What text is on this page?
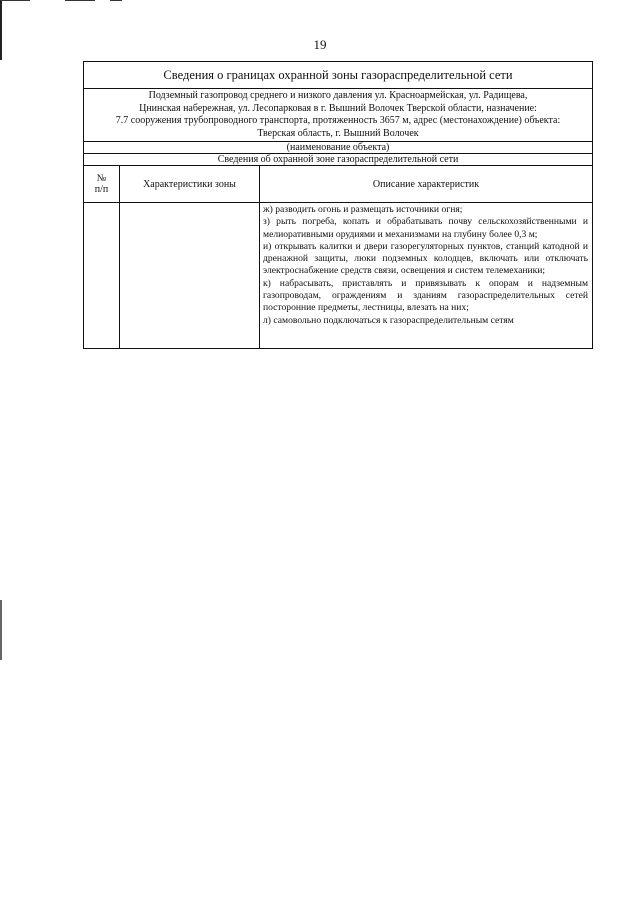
19
Сведения о границах охранной зоны газораспределительной сети		

Подземный газопровод среднего и низкого давления ул. Красноармейская, ул. Радищева,
Цнинская набережная, ул. Лесопарковая в г. Вышний Волочек Тверской области, назначение:
7.7 сооружения трубопроводного транспорта, протяженность 3657 м, адрес (местонахождение) объекта:
Тверская область, г. Вышний Волочек		

(наименование объекта)		
Сведения об охранной зоне газораспределительной сети		

№
п/п	Характеристики зоны	Описание характеристик

		ж) разводить огонь и размещать источники огня;

з) рыть погреба, копать и обрабатывать почву сельскохозяйственными и мелиоративными орудиями и механизмами на глубину более 0,3 м;

и) открывать калитки и двери газорегуляторных пунктов, станций катодной и дренажной защиты, люки подземных колодцев, включать или отключать электроснабжение средств связи, освещения и систем телемеханики;

к) набрасывать, приставлять и привязывать к опорам и надземным газопроводам, ограждениям и зданиям газораспределительных сетей посторонние предметы, лестницы, влезать на них;

л) самовольно подключаться к газораспределительным сетям
